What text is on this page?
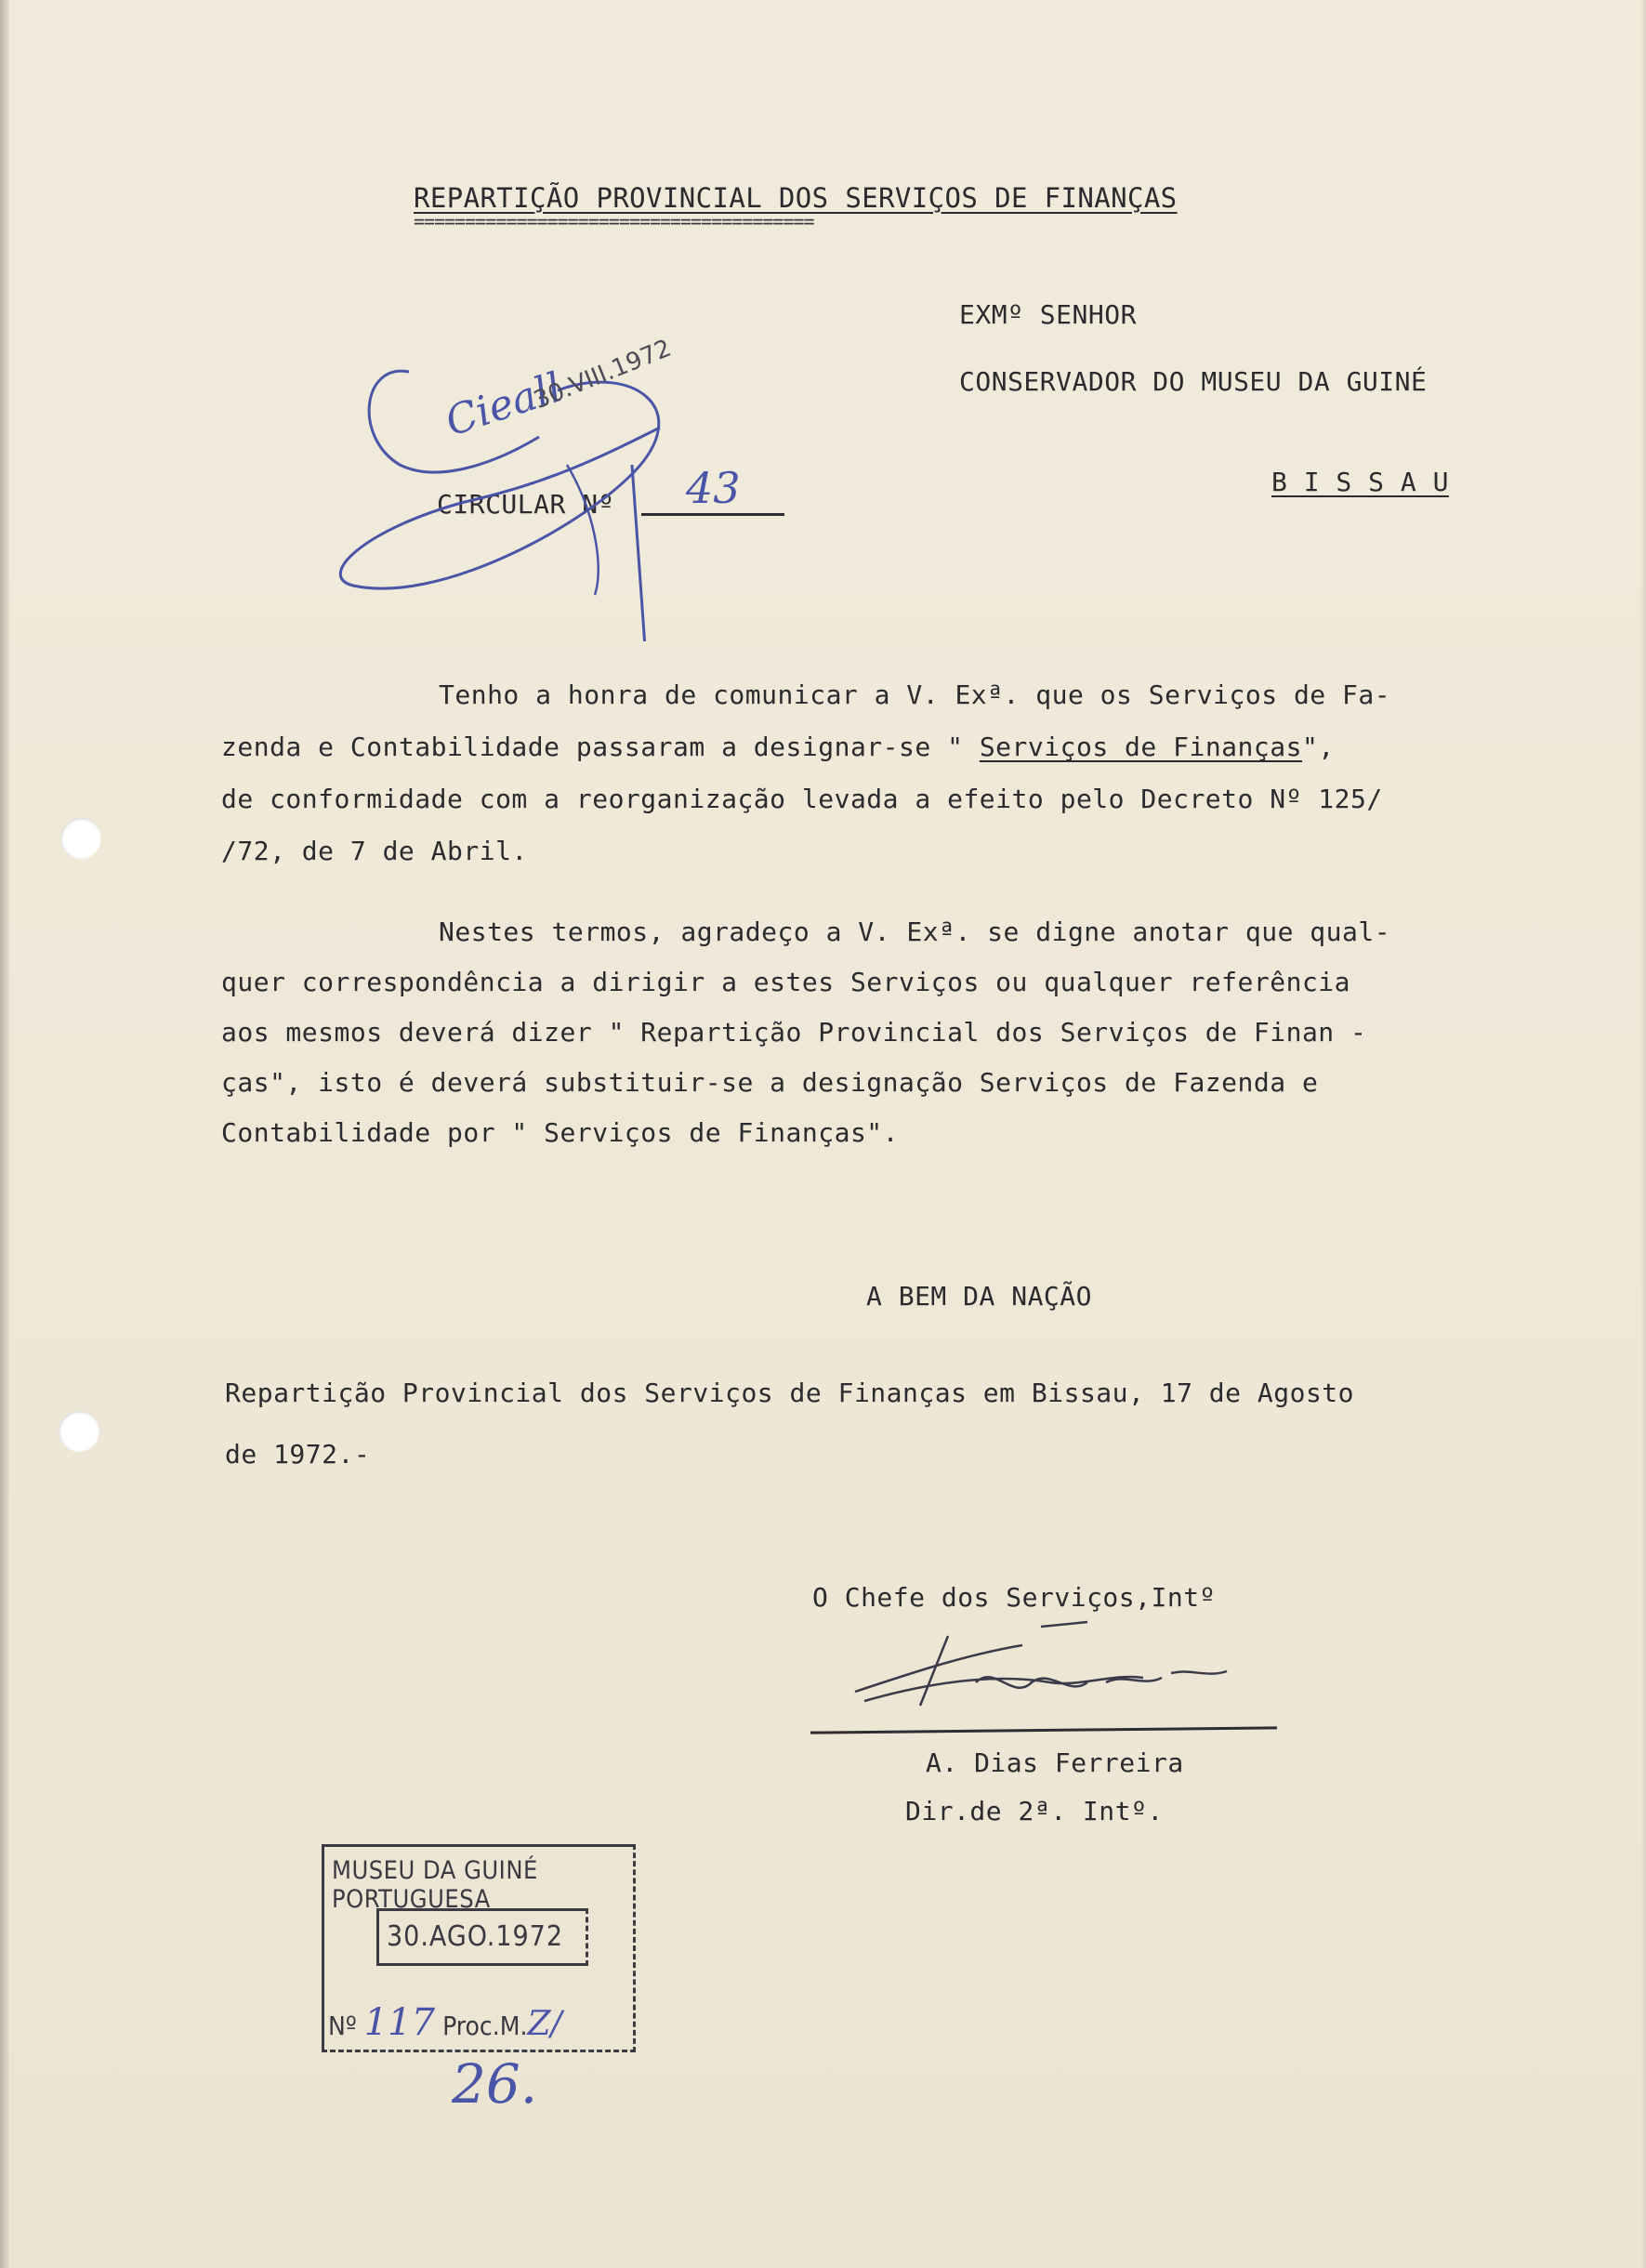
REPARTIÇÃO PROVINCIAL DOS SERVIÇOS DE FINANÇAS
=======================================
EXMº SENHOR
CONSERVADOR DO MUSEU DA GUINÉ
B I S S A U
CIRCULAR Nº 43
Cieall
30.VIII.1972
Tenho a honra de comunicar a V. Exª. que os Serviços de Fa-
zenda e Contabilidade passaram a designar-se " Serviços de Finanças",
de conformidade com a reorganização levada a efeito pelo Decreto Nº 125/
/72, de 7 de Abril.
Nestes termos, agradeço a V. Exª. se digne anotar que qual-
quer correspondência a dirigir a estes Serviços ou qualquer referência
aos mesmos deverá dizer " Repartição Provincial dos Serviços de Finan -
ças", isto é deverá substituir-se a designação Serviços de Fazenda e
Contabilidade por " Serviços de Finanças".
A BEM DA NAÇÃO
Repartição Provincial dos Serviços de Finanças em Bissau, 17 de Agosto
de 1972.-
O Chefe dos Serviços,Intº
A. Dias Ferreira
Dir.de 2ª. Intº.
MUSEU DA GUINÉ PORTUGUESA
30.AGO.1972
Nº 117 Proc.M.Z/
26.
